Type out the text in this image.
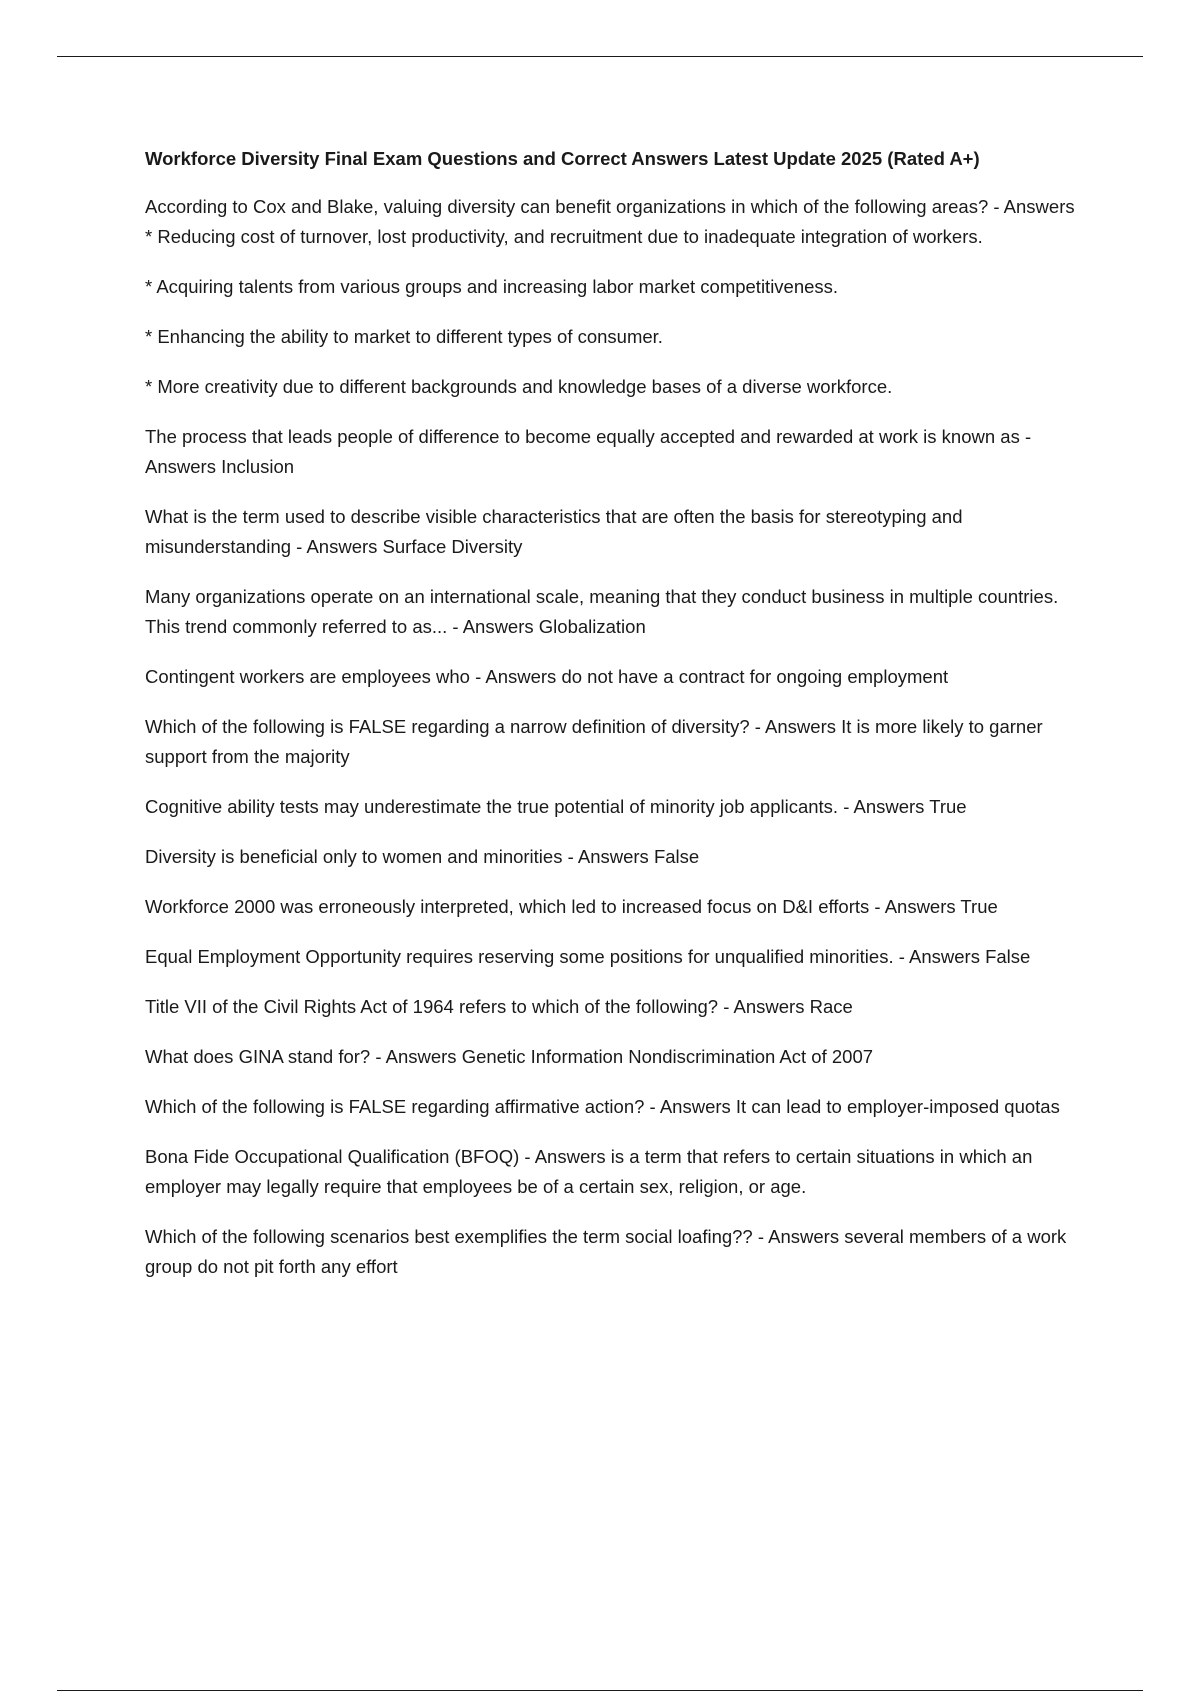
Workforce Diversity Final Exam Questions and Correct Answers Latest Update 2025 (Rated A+)

According to Cox and Blake, valuing diversity can benefit organizations in which of the following areas? - Answers * Reducing cost of turnover, lost productivity, and recruitment due to inadequate integration of workers.

* Acquiring talents from various groups and increasing labor market competitiveness.

* Enhancing the ability to market to different types of consumer.

* More creativity due to different backgrounds and knowledge bases of a diverse workforce.

The process that leads people of difference to become equally accepted and rewarded at work is known as - Answers Inclusion

What is the term used to describe visible characteristics that are often the basis for stereotyping and misunderstanding - Answers Surface Diversity

Many organizations operate on an international scale, meaning that they conduct business in multiple countries. This trend commonly referred to as... - Answers Globalization

Contingent workers are employees who - Answers do not have a contract for ongoing employment

Which of the following is FALSE regarding a narrow definition of diversity? - Answers It is more likely to garner support from the majority

Cognitive ability tests may underestimate the true potential of minority job applicants. - Answers True

Diversity is beneficial only to women and minorities - Answers False

Workforce 2000 was erroneously interpreted, which led to increased focus on D&I efforts - Answers True

Equal Employment Opportunity requires reserving some positions for unqualified minorities. - Answers False

Title VII of the Civil Rights Act of 1964 refers to which of the following? - Answers Race

What does GINA stand for? - Answers Genetic Information Nondiscrimination Act of 2007

Which of the following is FALSE regarding affirmative action? - Answers It can lead to employer-imposed quotas

Bona Fide Occupational Qualification (BFOQ) - Answers is a term that refers to certain situations in which an employer may legally require that employees be of a certain sex, religion, or age.

Which of the following scenarios best exemplifies the term social loafing?? - Answers several members of a work group do not pit forth any effort
